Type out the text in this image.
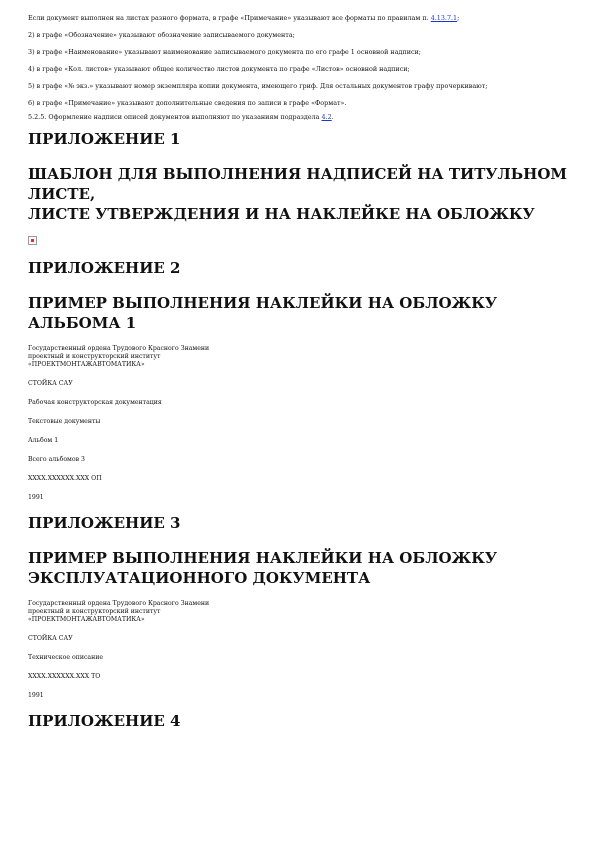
Если документ выполнен на листах разного формата, в графе «Примечание» указывают все форматы по правилам п. 4.13.7.1;

2) в графе «Обозначение» указывают обозначение записываемого документа;

3) в графе «Наименование» указывают наименование записываемого документа по его графе 1 основной надписи;

4) в графе «Кол. листов» указывают общее количество листов документа по графе «Листов» основной надписи;

5) в графе «№ экз.» указывают номер экземпляра копии документа, имеющего гриф. Для остальных документов графу прочеркивают;

6) в графе «Примечание» указывают дополнительные сведения по записи в графе «Формат».

5.2.5. Оформление надписи описей документов выполняют по указаниям подраздела 4.2.

ПРИЛОЖЕНИЕ 1
ШАБЛОН ДЛЯ ВЫПОЛНЕНИЯ НАДПИСЕЙ НА ТИТУЛЬНОМ
ЛИСТЕ,
ЛИСТЕ УТВЕРЖДЕНИЯ И НА НАКЛЕЙКЕ НА ОБЛОЖКУ
ПРИЛОЖЕНИЕ 2
ПРИМЕР ВЫПОЛНЕНИЯ НАКЛЕЙКИ НА ОБЛОЖКУ
АЛЬБОМА 1

Государственный ордена Трудового Красного Знамени

проектный и конструкторский институт

«ПРОЕКТМОНТАЖАВТОМАТИКА»

СТОЙКА САУ

Рабочая конструкторская документация

Текстовые документы

Альбом 1

Всего альбомов 3

ХХХХ.ХХХХХХ.ХХХ ОП

1991

ПРИЛОЖЕНИЕ 3
ПРИМЕР ВЫПОЛНЕНИЯ НАКЛЕЙКИ НА ОБЛОЖКУ
ЭКСПЛУАТАЦИОННОГО ДОКУМЕНТА

Государственный ордена Трудового Красного Знамени

проектный и конструкторский институт

«ПРОЕКТМОНТАЖАВТОМАТИКА»

СТОЙКА САУ

Техническое описание

ХХХХ.ХХХХХХ.ХХХ ТО

1991

ПРИЛОЖЕНИЕ 4
